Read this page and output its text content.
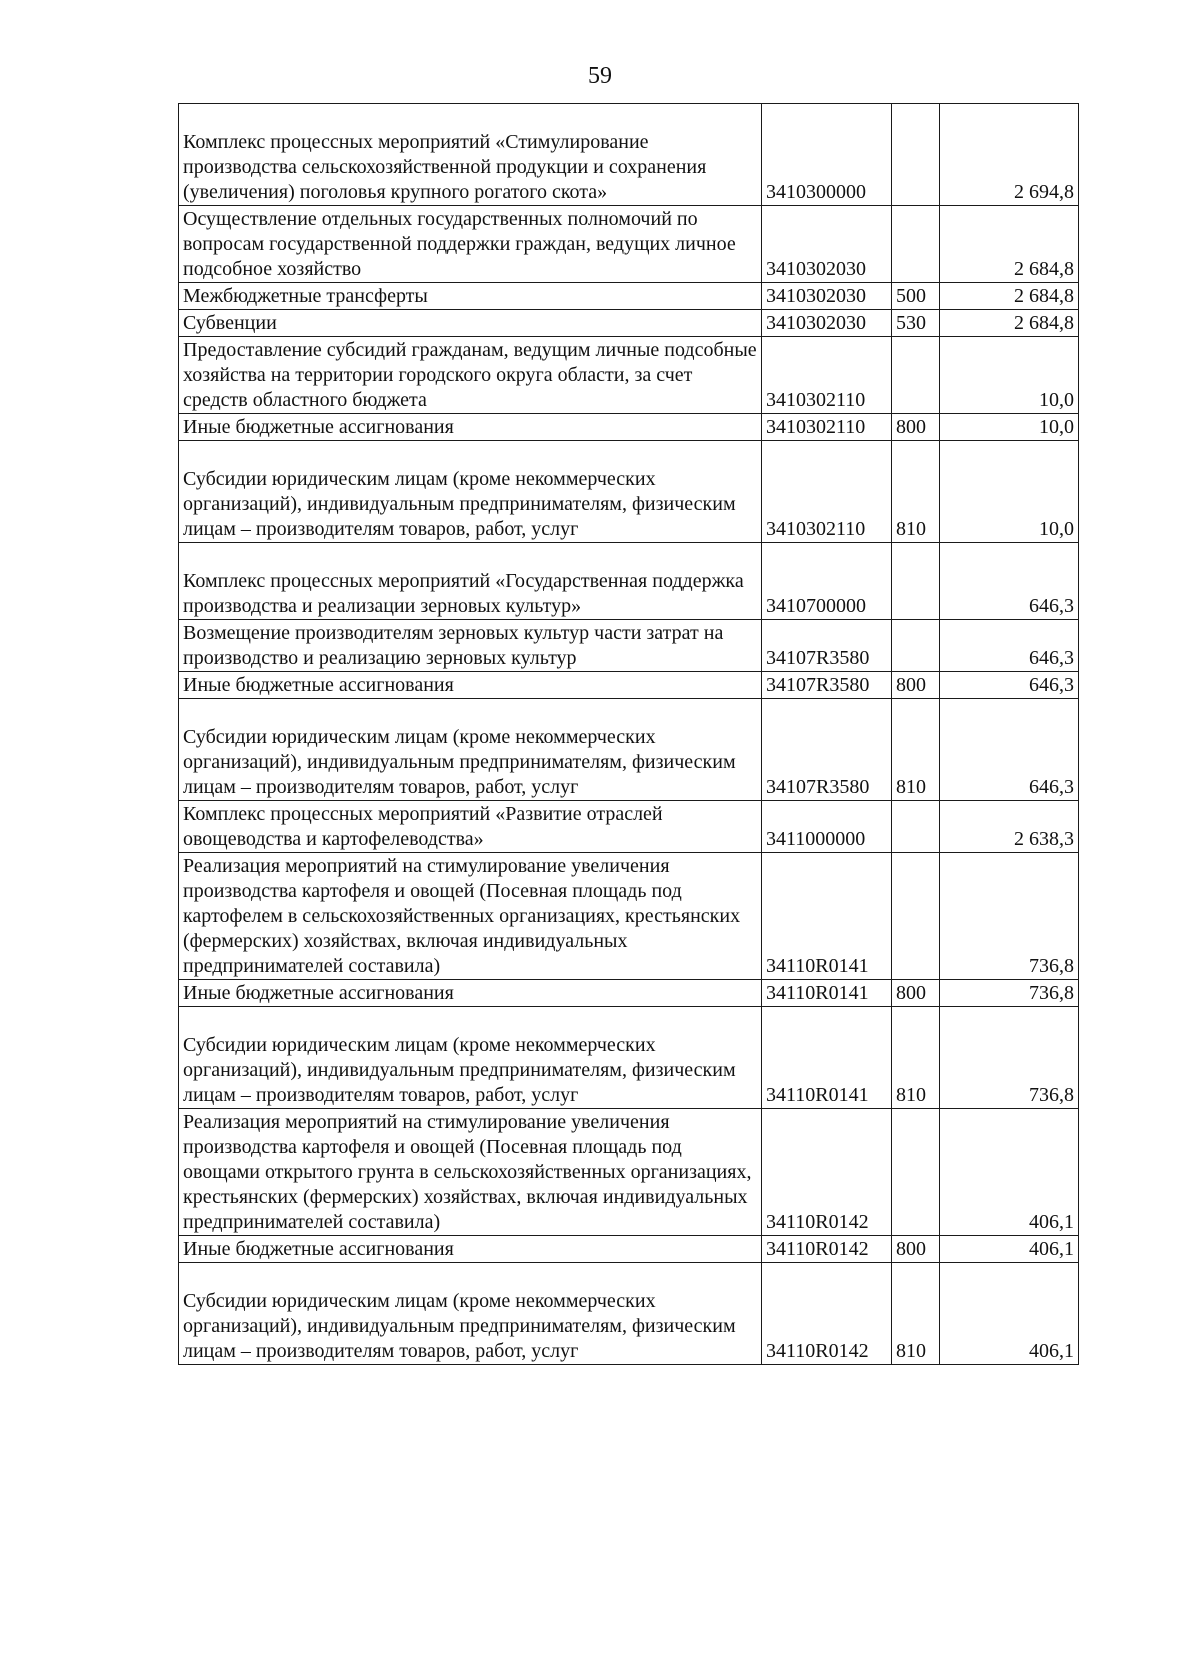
59
Комплекс процессных мероприятий «Стимулирование производства сельскохозяйственной продукции и сохранения (увеличения) поголовья крупного рогатого скота»	3410300000		2 694,8
Осуществление отдельных государственных полномочий по вопросам государственной поддержки граждан, ведущих личное подсобное хозяйство	3410302030		2 684,8
Межбюджетные трансферты	3410302030	500	2 684,8
Субвенции	3410302030	530	2 684,8
Предоставление субсидий гражданам, ведущим личные подсобные хозяйства на территории городского округа области, за счет средств областного бюджета	3410302110		10,0
Иные бюджетные ассигнования	3410302110	800	10,0
Субсидии юридическим лицам (кроме некоммерческих организаций), индивидуальным предпринимателям, физическим лицам – производителям товаров, работ, услуг	3410302110	810	10,0
Комплекс процессных мероприятий «Государственная поддержка производства и реализации зерновых культур»	3410700000		646,3
Возмещение производителям зерновых культур части затрат на производство и реализацию зерновых культур	34107R3580		646,3
Иные бюджетные ассигнования	34107R3580	800	646,3
Субсидии юридическим лицам (кроме некоммерческих организаций), индивидуальным предпринимателям, физическим лицам – производителям товаров, работ, услуг	34107R3580	810	646,3
Комплекс процессных мероприятий «Развитие отраслей овощеводства и картофелеводства»	3411000000		2 638,3
Реализация мероприятий на стимулирование увеличения производства картофеля и овощей (Посевная площадь под картофелем в сельскохозяйственных организациях, крестьянских (фермерских) хозяйствах, включая индивидуальных предпринимателей составила)	34110R0141		736,8
Иные бюджетные ассигнования	34110R0141	800	736,8
Субсидии юридическим лицам (кроме некоммерческих организаций), индивидуальным предпринимателям, физическим лицам – производителям товаров, работ, услуг	34110R0141	810	736,8
Реализация мероприятий на стимулирование увеличения производства картофеля и овощей (Посевная площадь под овощами открытого грунта в сельскохозяйственных организациях, крестьянских (фермерских) хозяйствах, включая индивидуальных предпринимателей составила)	34110R0142		406,1
Иные бюджетные ассигнования	34110R0142	800	406,1
Субсидии юридическим лицам (кроме некоммерческих организаций), индивидуальным предпринимателям, физическим лицам – производителям товаров, работ, услуг	34110R0142	810	406,1
